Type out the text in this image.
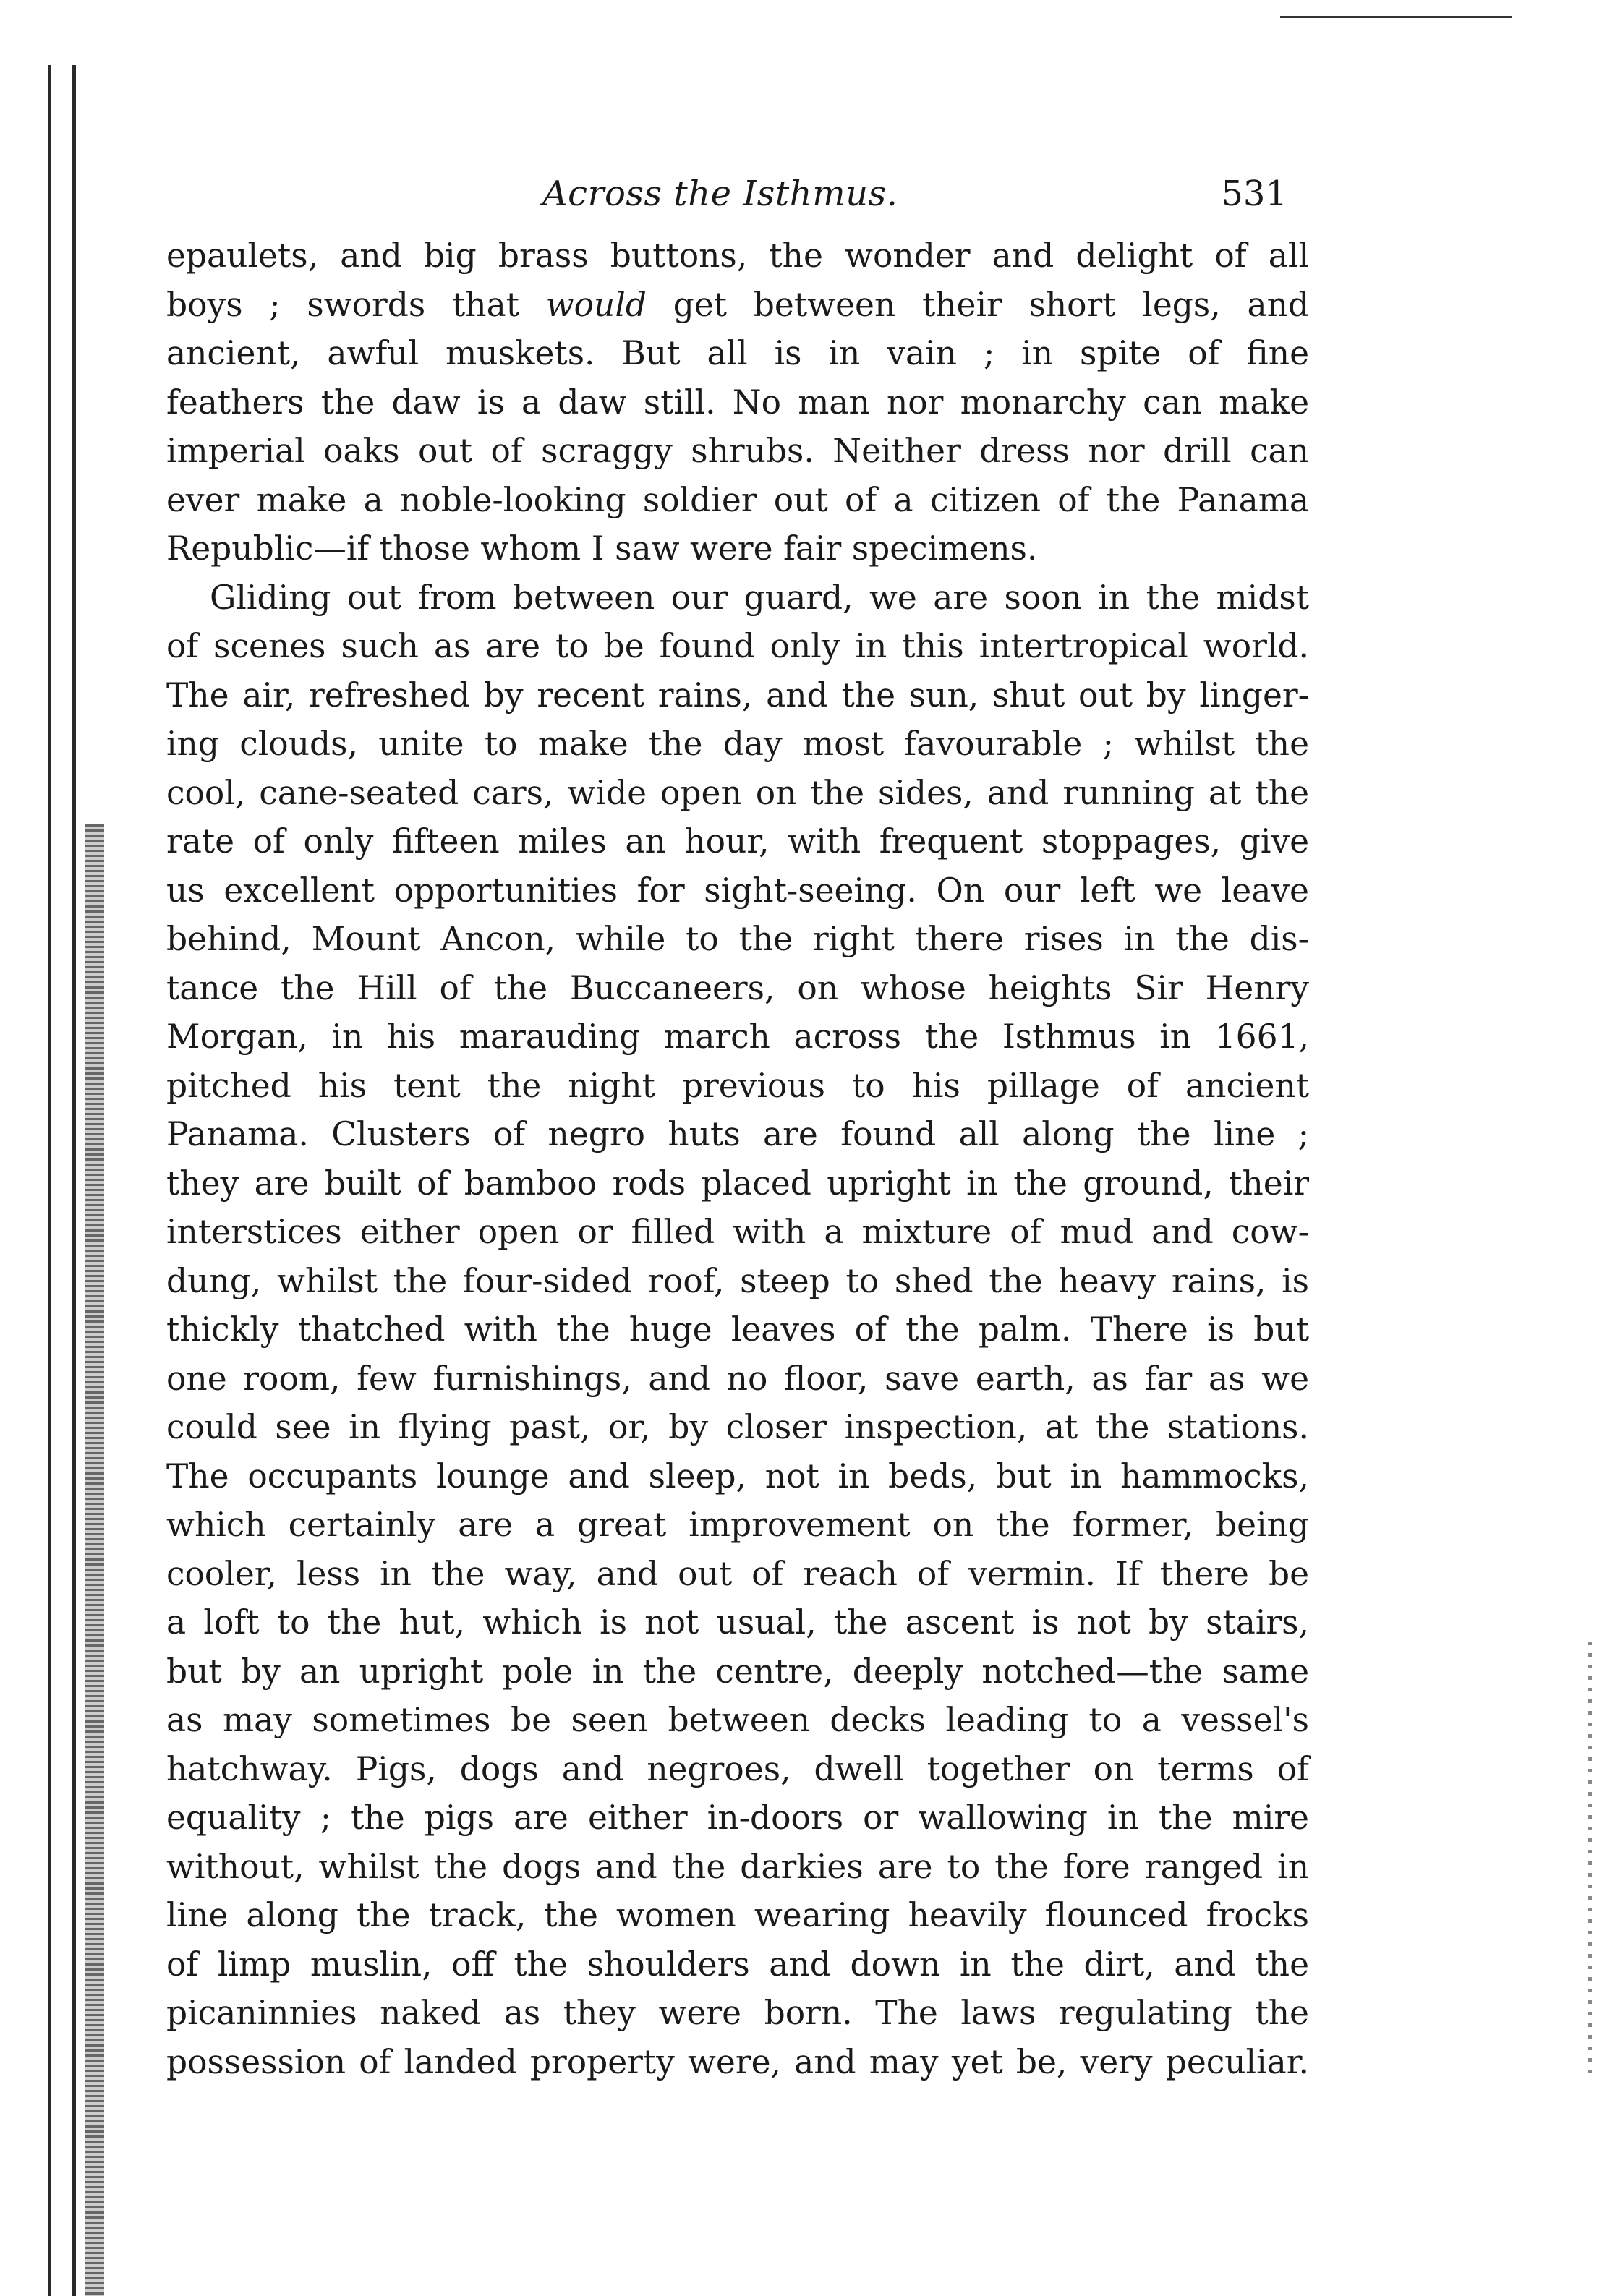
Across the Isthmus.	531
epaulets, and big brass buttons, the wonder and delight of all
boys ; swords that would get between their short legs, and
ancient, awful muskets. But all is in vain ; in spite of fine
feathers the daw is a daw still. No man nor monarchy can make
imperial oaks out of scraggy shrubs. Neither dress nor drill can
ever make a noble-looking soldier out of a citizen of the Panama
Republic—if those whom I saw were fair specimens.
Gliding out from between our guard, we are soon in the midst
of scenes such as are to be found only in this intertropical world.
The air, refreshed by recent rains, and the sun, shut out by linger-
ing clouds, unite to make the day most favourable ; whilst the
cool, cane-seated cars, wide open on the sides, and running at the
rate of only fifteen miles an hour, with frequent stoppages, give
us excellent opportunities for sight-seeing. On our left we leave
behind, Mount Ancon, while to the right there rises in the dis-
tance the Hill of the Buccaneers, on whose heights Sir Henry
Morgan, in his marauding march across the Isthmus in 1661,
pitched his tent the night previous to his pillage of ancient
Panama. Clusters of negro huts are found all along the line ;
they are built of bamboo rods placed upright in the ground, their
interstices either open or filled with a mixture of mud and cow-
dung, whilst the four-sided roof, steep to shed the heavy rains, is
thickly thatched with the huge leaves of the palm. There is but
one room, few furnishings, and no floor, save earth, as far as we
could see in flying past, or, by closer inspection, at the stations.
The occupants lounge and sleep, not in beds, but in hammocks,
which certainly are a great improvement on the former, being
cooler, less in the way, and out of reach of vermin. If there be
a loft to the hut, which is not usual, the ascent is not by stairs,
but by an upright pole in the centre, deeply notched—the same
as may sometimes be seen between decks leading to a vessel's
hatchway. Pigs, dogs and negroes, dwell together on terms of
equality ; the pigs are either in-doors or wallowing in the mire
without, whilst the dogs and the darkies are to the fore ranged in
line along the track, the women wearing heavily flounced frocks
of limp muslin, off the shoulders and down in the dirt, and the
picaninnies naked as they were born. The laws regulating the
possession of landed property were, and may yet be, very peculiar.
